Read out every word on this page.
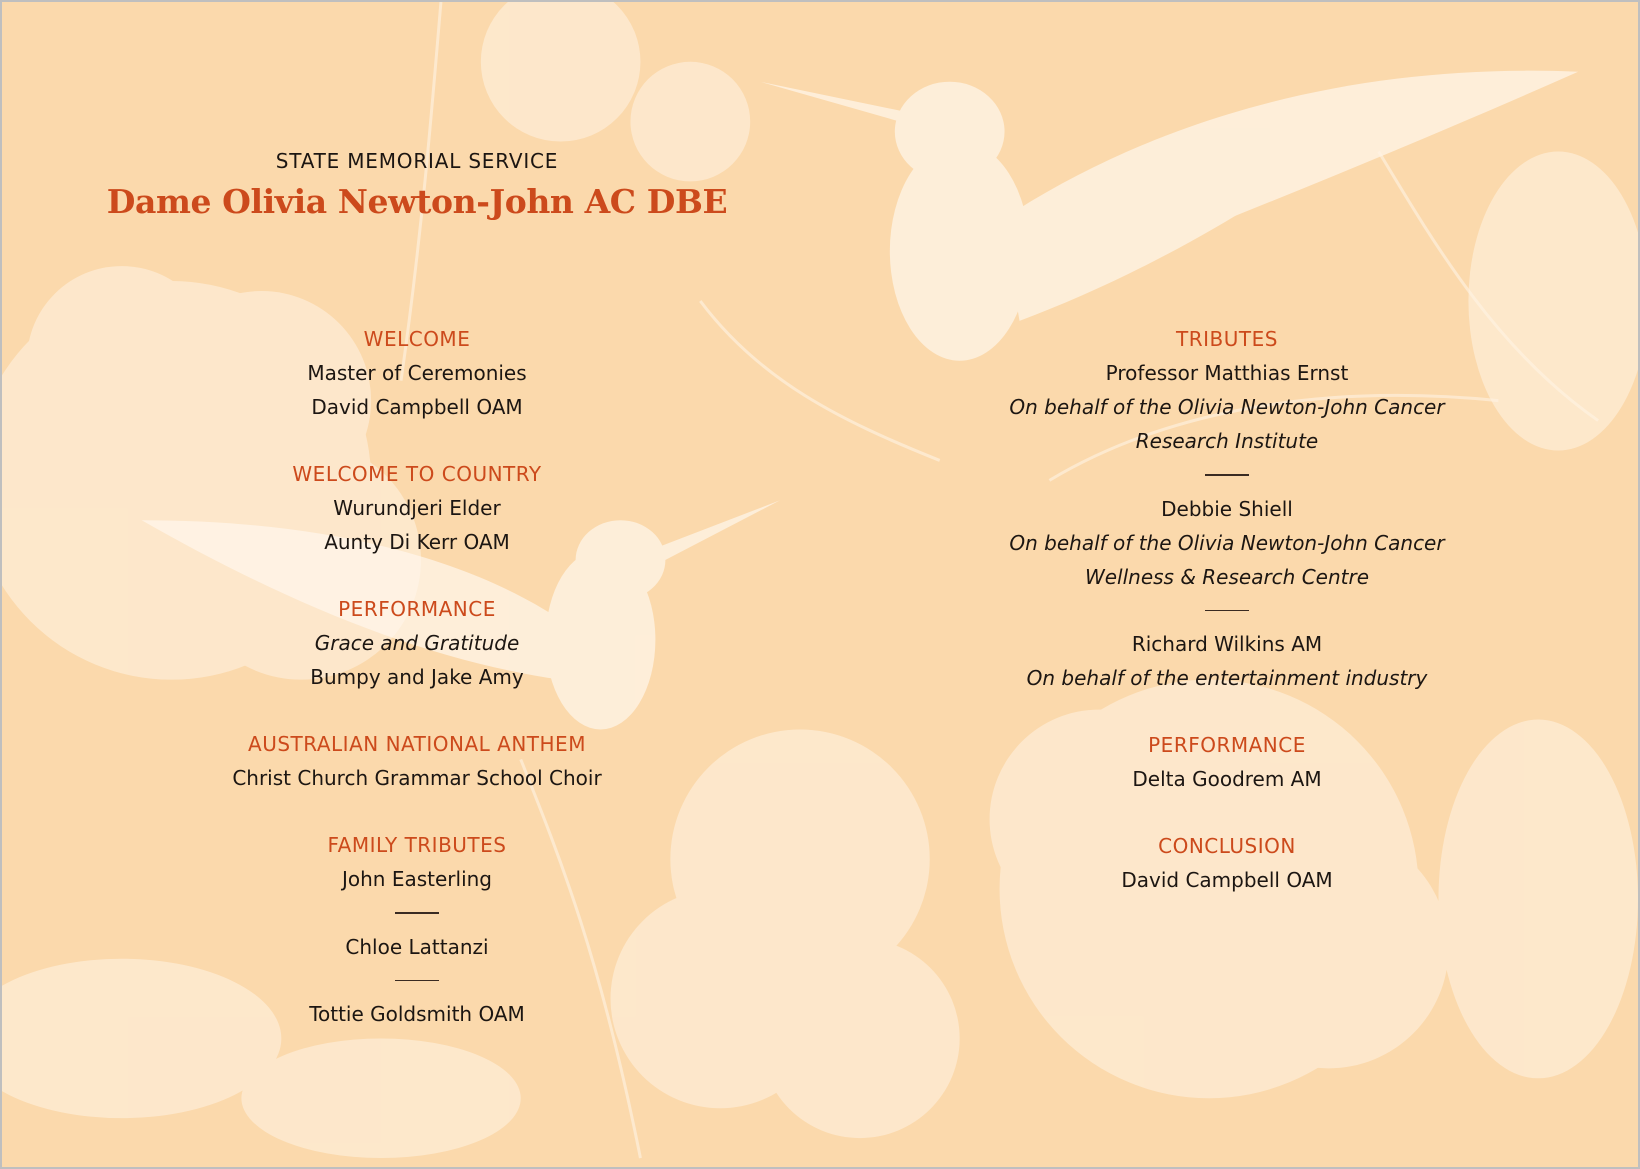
STATE MEMORIAL SERVICE
Dame Olivia Newton-John AC DBE
WELCOME
Master of Ceremonies
David Campbell OAM
WELCOME TO COUNTRY
Wurundjeri Elder
Aunty Di Kerr OAM
PERFORMANCE
Grace and Gratitude
Bumpy and Jake Amy
AUSTRALIAN NATIONAL ANTHEM
Christ Church Grammar School Choir
FAMILY TRIBUTES
John Easterling
Chloe Lattanzi
Tottie Goldsmith OAM
TRIBUTES
Professor Matthias Ernst
On behalf of the Olivia Newton-John Cancer
Research Institute
Debbie Shiell
On behalf of the Olivia Newton-John Cancer
Wellness & Research Centre
Richard Wilkins AM
On behalf of the entertainment industry
PERFORMANCE
Delta Goodrem AM
CONCLUSION
David Campbell OAM
